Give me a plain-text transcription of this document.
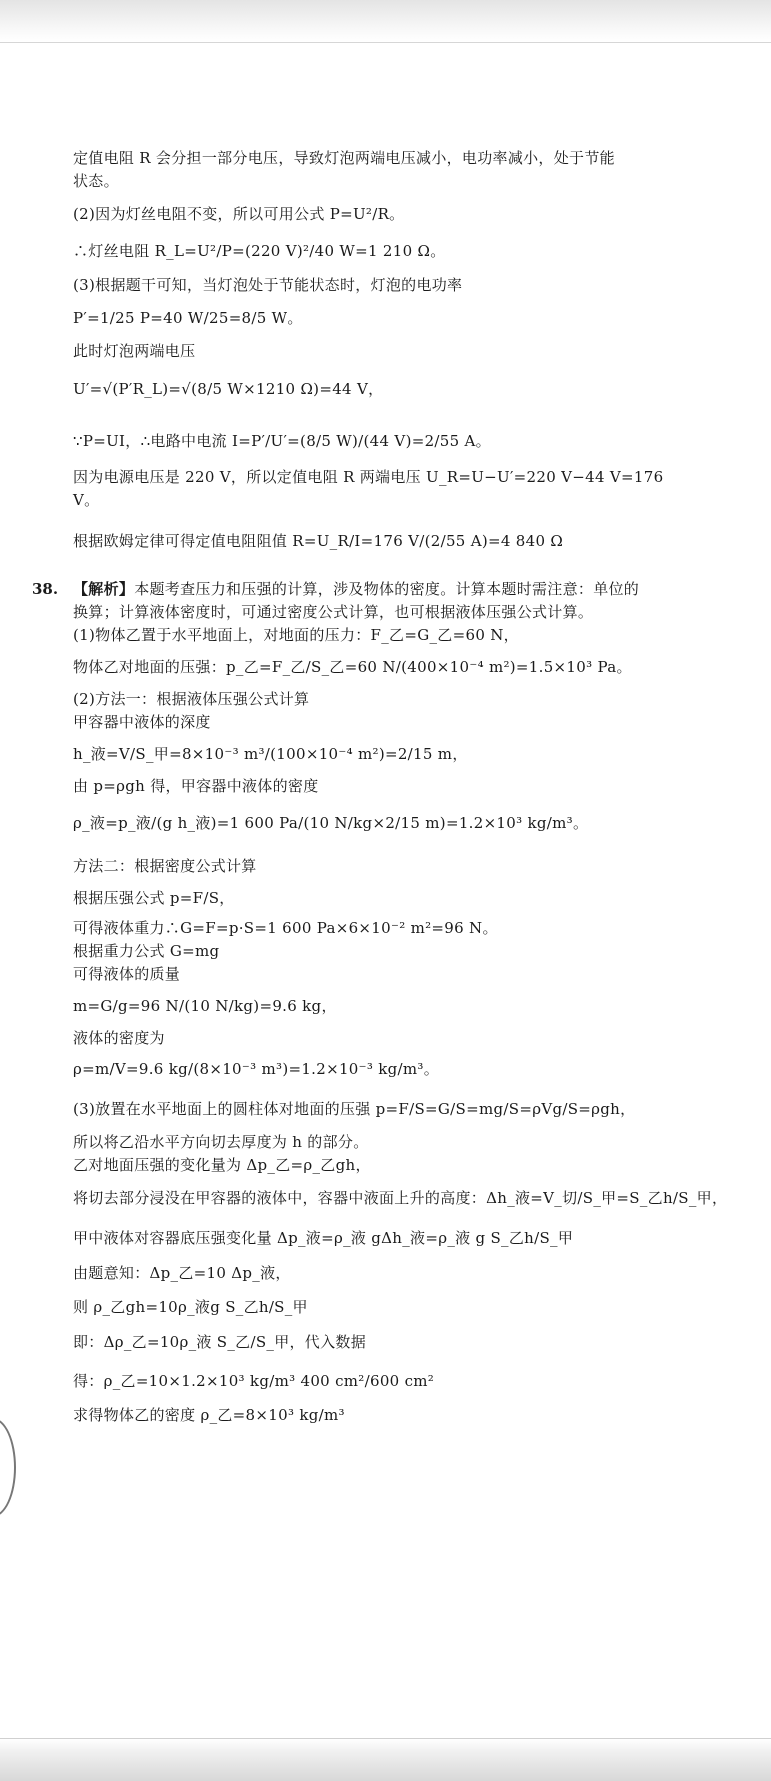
定值电阻 R 会分担一部分电压，导致灯泡两端电压减小，电功率减小，处于节能
状态。
(2)因为灯丝电阻不变，所以可用公式 P=U²/R。
∴灯丝电阻 R_L=U²/P=(220 V)²/40 W=1 210 Ω。
(3)根据题干可知，当灯泡处于节能状态时，灯泡的电功率
P′=1/25 P=40 W/25=8/5 W。
此时灯泡两端电压
U′=√(P′R_L)=√(8/5 W×1210 Ω)=44 V，
∵P=UI，∴电路中电流 I=P′/U′=(8/5 W)/(44 V)=2/55 A。
因为电源电压是 220 V，所以定值电阻 R 两端电压 U_R=U−U′=220 V−44 V=176
V。
根据欧姆定律可得定值电阻阻值 R=U_R/I=176 V/(2/55 A)=4 840 Ω
38. 【解析】本题考查压力和压强的计算，涉及物体的密度。计算本题时需注意：单位的
换算；计算液体密度时，可通过密度公式计算，也可根据液体压强公式计算。
(1)物体乙置于水平地面上，对地面的压力：F_乙=G_乙=60 N，
物体乙对地面的压强：p_乙=F_乙/S_乙=60 N/(400×10⁻⁴ m²)=1.5×10³ Pa。
(2)方法一：根据液体压强公式计算
甲容器中液体的深度
h_液=V/S_甲=8×10⁻³ m³/(100×10⁻⁴ m²)=2/15 m，
由 p=ρgh 得，甲容器中液体的密度
ρ_液=p_液/(g h_液)=1 600 Pa/(10 N/kg×2/15 m)=1.2×10³ kg/m³。
方法二：根据密度公式计算
根据压强公式 p=F/S，
可得液体重力∴G=F=p·S=1 600 Pa×6×10⁻² m²=96 N。
根据重力公式 G=mg
可得液体的质量
m=G/g=96 N/(10 N/kg)=9.6 kg，
液体的密度为
ρ=m/V=9.6 kg/(8×10⁻³ m³)=1.2×10⁻³ kg/m³。
(3)放置在水平地面上的圆柱体对地面的压强 p=F/S=G/S=mg/S=ρVg/S=ρgh，
所以将乙沿水平方向切去厚度为 h 的部分。
乙对地面压强的变化量为 Δp_乙=ρ_乙gh，
将切去部分浸没在甲容器的液体中，容器中液面上升的高度：Δh_液=V_切/S_甲=S_乙h/S_甲，
甲中液体对容器底压强变化量 Δp_液=ρ_液 gΔh_液=ρ_液 g S_乙h/S_甲
由题意知：Δp_乙=10 Δp_液，
则 ρ_乙gh=10ρ_液g S_乙h/S_甲
即：Δρ_乙=10ρ_液 S_乙/S_甲，代入数据
得：ρ_乙=10×1.2×10³ kg/m³ 400 cm²/600 cm²
求得物体乙的密度 ρ_乙=8×10³ kg/m³
